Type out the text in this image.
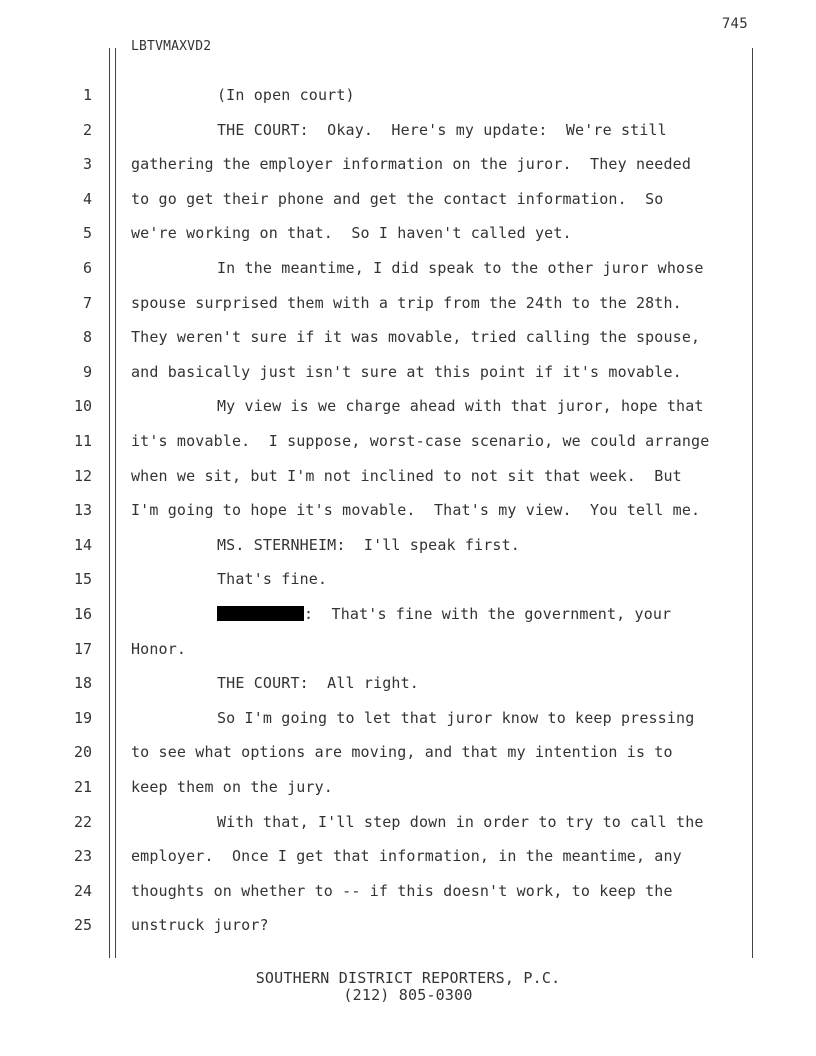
745
LBTVMAXVD2
1	(In open court)
2	THE COURT:  Okay.  Here's my update:  We're still
3	gathering the employer information on the juror.  They needed
4	to go get their phone and get the contact information.  So
5	we're working on that.  So I haven't called yet.
6	In the meantime, I did speak to the other juror whose
7	spouse surprised them with a trip from the 24th to the 28th.
8	They weren't sure if it was movable, tried calling the spouse,
9	and basically just isn't sure at this point if it's movable.
10	My view is we charge ahead with that juror, hope that
11	it's movable.  I suppose, worst-case scenario, we could arrange
12	when we sit, but I'm not inclined to not sit that week.  But
13	I'm going to hope it's movable.  That's my view.  You tell me.
14	MS. STERNHEIM:  I'll speak first.
15	That's fine.
16	:  That's fine with the government, your
17	Honor.
18	THE COURT:  All right.
19	So I'm going to let that juror know to keep pressing
20	to see what options are moving, and that my intention is to
21	keep them on the jury.
22	With that, I'll step down in order to try to call the
23	employer.  Once I get that information, in the meantime, any
24	thoughts on whether to -- if this doesn't work, to keep the
25	unstruck juror?
SOUTHERN DISTRICT REPORTERS, P.C.
(212) 805-0300
